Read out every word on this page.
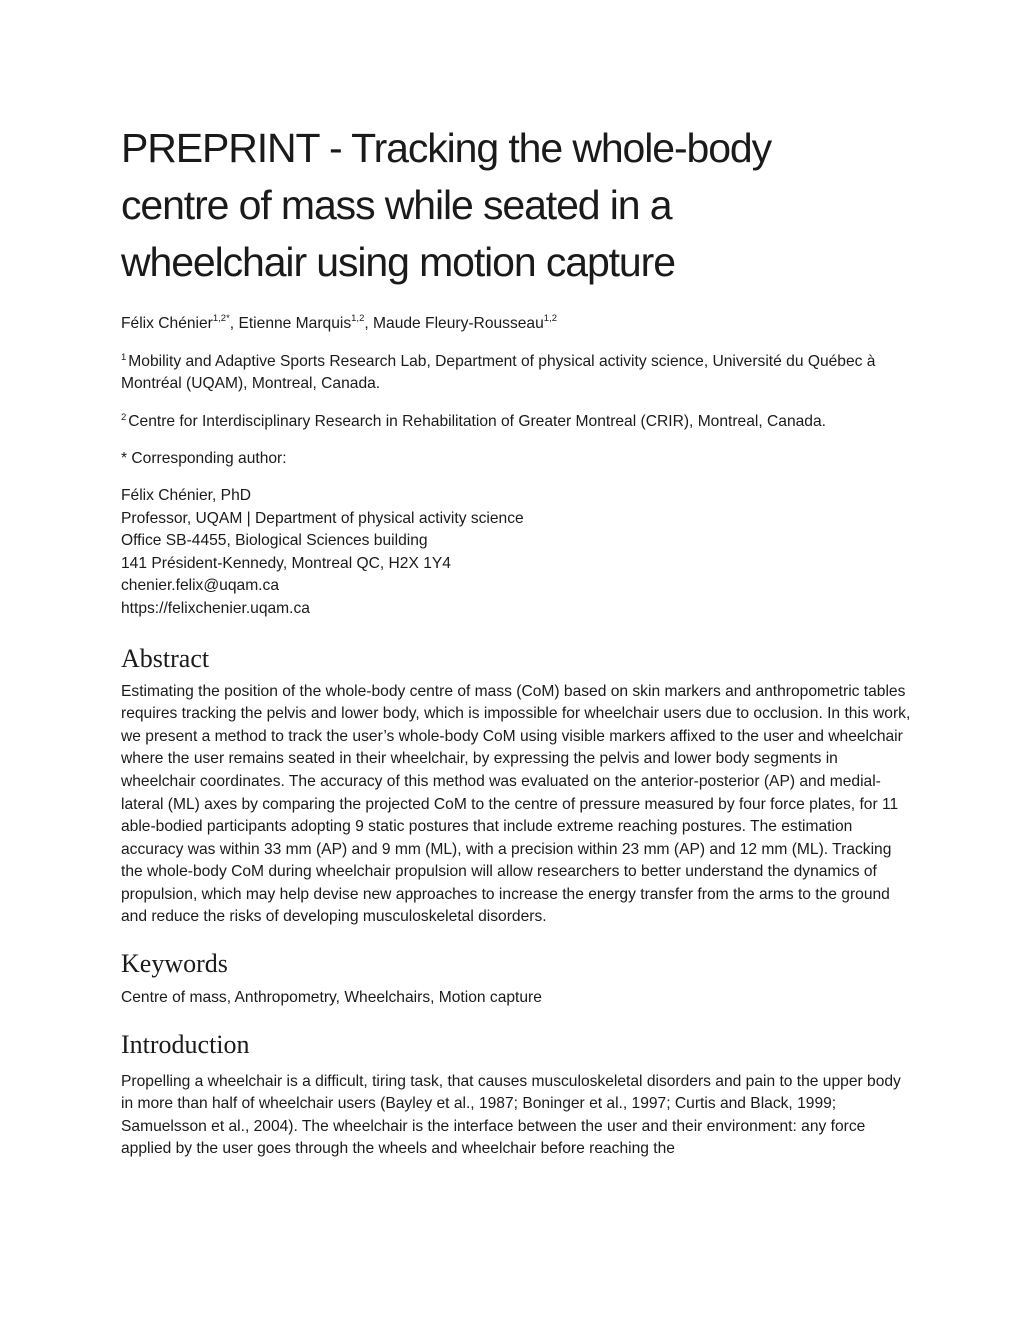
PREPRINT - Tracking the whole-body centre of mass while seated in a wheelchair using motion capture
Félix Chénier$^{1,2*}$, Etienne Marquis$^{1,2}$, Maude Fleury-Rousseau$^{1,2}$

$^1$ Mobility and Adaptive Sports Research Lab, Department of physical activity science, Université du Québec à Montréal (UQAM), Montreal, Canada.

$^2$ Centre for Interdisciplinary Research in Rehabilitation of Greater Montreal (CRIR), Montreal, Canada.

* Corresponding author:

Félix Chénier, PhD
Professor, UQAM | Department of physical activity science
Office SB-4455, Biological Sciences building
141 Président-Kennedy, Montreal QC, H2X 1Y4
chenier.felix@uqam.ca
https://felixchenier.uqam.ca
Abstract

Estimating the position of the whole-body centre of mass (CoM) based on skin markers and anthropometric tables requires tracking the pelvis and lower body, which is impossible for wheelchair users due to occlusion. In this work, we present a method to track the user’s whole-body CoM using visible markers affixed to the user and wheelchair where the user remains seated in their wheelchair, by expressing the pelvis and lower body segments in wheelchair coordinates. The accuracy of this method was evaluated on the anterior-posterior (AP) and medial-lateral (ML) axes by comparing the projected CoM to the centre of pressure measured by four force plates, for 11 able-bodied participants adopting 9 static postures that include extreme reaching postures. The estimation accuracy was within 33 mm (AP) and 9 mm (ML), with a precision within 23 mm (AP) and 12 mm (ML). Tracking the whole-body CoM during wheelchair propulsion will allow researchers to better understand the dynamics of propulsion, which may help devise new approaches to increase the energy transfer from the arms to the ground and reduce the risks of developing musculoskeletal disorders.

Keywords

Centre of mass, Anthropometry, Wheelchairs, Motion capture

Introduction

Propelling a wheelchair is a difficult, tiring task, that causes musculoskeletal disorders and pain to the upper body in more than half of wheelchair users (Bayley et al., 1987; Boninger et al., 1997; Curtis and Black, 1999; Samuelsson et al., 2004). The wheelchair is the interface between the user and their environment: any force applied by the user goes through the wheels and wheelchair before reaching the
